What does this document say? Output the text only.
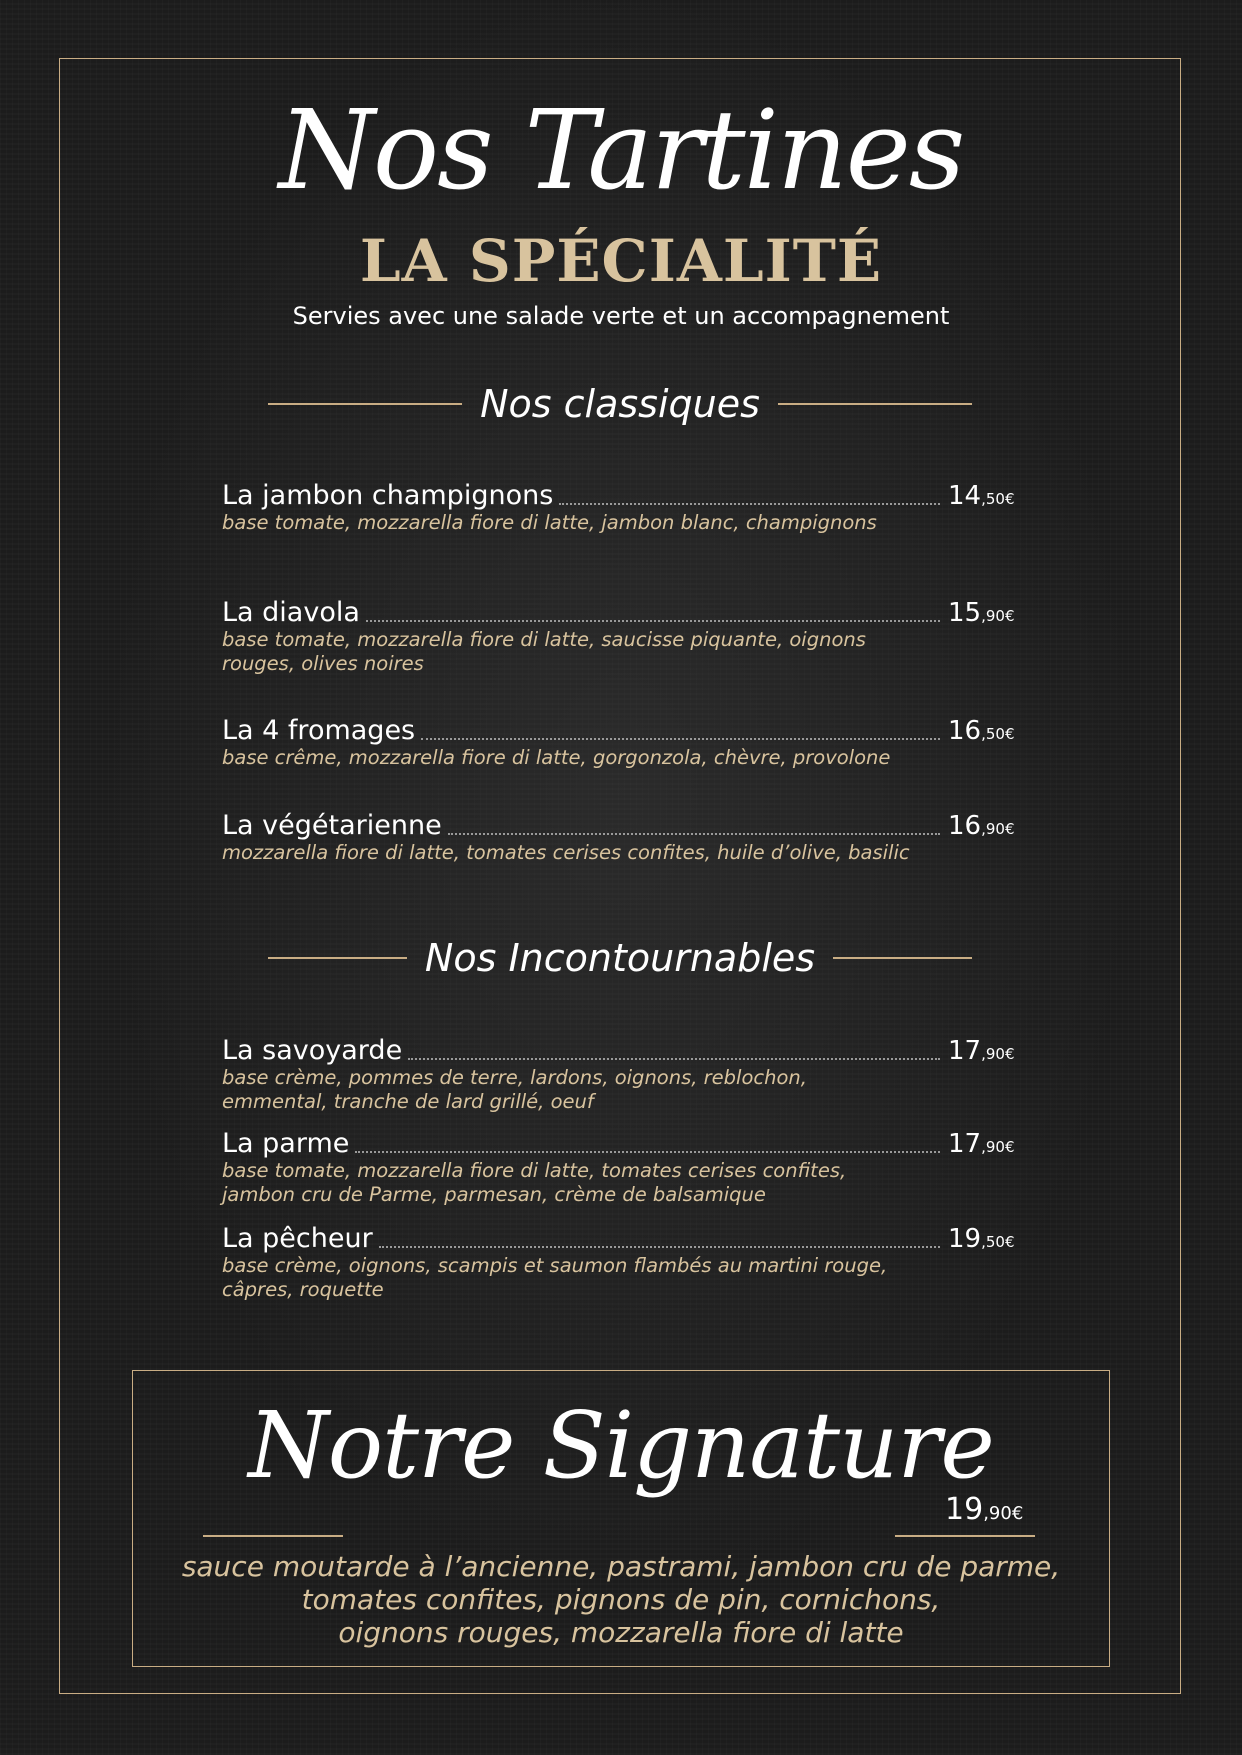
Nos Tartines
LA SPÉCIALITÉ
Servies avec une salade verte et un accompagnement
Nos classiques
La jambon champignons	14,50€
base tomate, mozzarella fiore di latte, jambon blanc, champignons
La diavola	15,90€
base tomate, mozzarella fiore di latte, saucisse piquante, oignons rouges, olives noires
La 4 fromages	16,50€
base crême, mozzarella fiore di latte, gorgonzola, chèvre, provolone
La végétarienne	16,90€
mozzarella fiore di latte, tomates cerises confites, huile d’olive, basilic
Nos Incontournables
La savoyarde	17,90€
base crème, pommes de terre, lardons, oignons, reblochon, emmental, tranche de lard grillé, oeuf
La parme	17,90€
base tomate, mozzarella fiore di latte, tomates cerises confites, jambon cru de Parme, parmesan, crème de balsamique
La pêcheur	19,50€
base crème, oignons, scampis et saumon flambés au martini rouge, câpres, roquette
Notre Signature
19,90€
sauce moutarde à l’ancienne, pastrami, jambon cru de parme,
tomates confites, pignons de pin, cornichons,
oignons rouges, mozzarella fiore di latte
